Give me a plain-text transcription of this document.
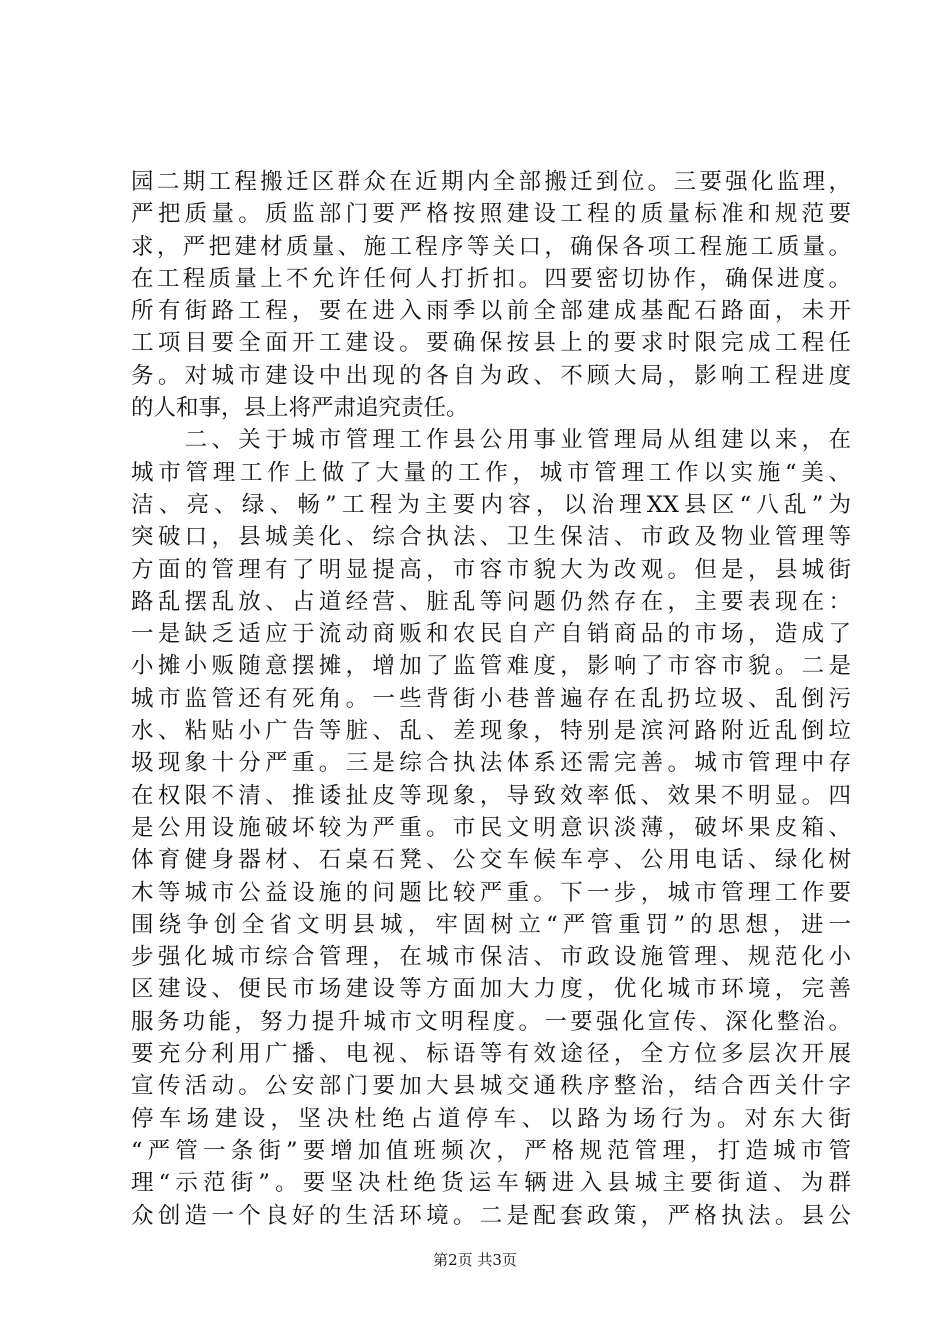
园二期工程搬迁区群众在近期内全部搬迁到位。三要强化监理，
严把质量。质监部门要严格按照建设工程的质量标准和规范要
求，严把建材质量、施工程序等关口，确保各项工程施工质量。
在工程质量上不允许任何人打折扣。四要密切协作，确保进度。
所有街路工程，要在进入雨季以前全部建成基配石路面，未开
工项目要全面开工建设。要确保按县上的要求时限完成工程任
务。对城市建设中出现的各自为政、不顾大局，影响工程进度
的人和事，县上将严肃追究责任。
　　二、关于城市管理工作县公用事业管理局从组建以来，在
城市管理工作上做了大量的工作，城市管理工作以实施“美、
洁、亮、绿、畅”工程为主要内容，以治理XX县区“八乱”为
突破口，县城美化、综合执法、卫生保洁、市政及物业管理等
方面的管理有了明显提高，市容市貌大为改观。但是，县城街
路乱摆乱放、占道经营、脏乱等问题仍然存在，主要表现在：
一是缺乏适应于流动商贩和农民自产自销商品的市场，造成了
小摊小贩随意摆摊，增加了监管难度，影响了市容市貌。二是
城市监管还有死角。一些背街小巷普遍存在乱扔垃圾、乱倒污
水、粘贴小广告等脏、乱、差现象，特别是滨河路附近乱倒垃
圾现象十分严重。三是综合执法体系还需完善。城市管理中存
在权限不清、推诿扯皮等现象，导致效率低、效果不明显。四
是公用设施破坏较为严重。市民文明意识淡薄，破坏果皮箱、
体育健身器材、石桌石凳、公交车候车亭、公用电话、绿化树
木等城市公益设施的问题比较严重。下一步，城市管理工作要
围绕争创全省文明县城，牢固树立“严管重罚”的思想，进一
步强化城市综合管理，在城市保洁、市政设施管理、规范化小
区建设、便民市场建设等方面加大力度，优化城市环境，完善
服务功能，努力提升城市文明程度。一要强化宣传、深化整治。
要充分利用广播、电视、标语等有效途径，全方位多层次开展
宣传活动。公安部门要加大县城交通秩序整治，结合西关什字
停车场建设，坚决杜绝占道停车、以路为场行为。对东大街
“严管一条街”要增加值班频次，严格规范管理，打造城市管
理“示范街”。要坚决杜绝货运车辆进入县城主要街道、为群
众创造一个良好的生活环境。二是配套政策，严格执法。县公
第2页 共3页
